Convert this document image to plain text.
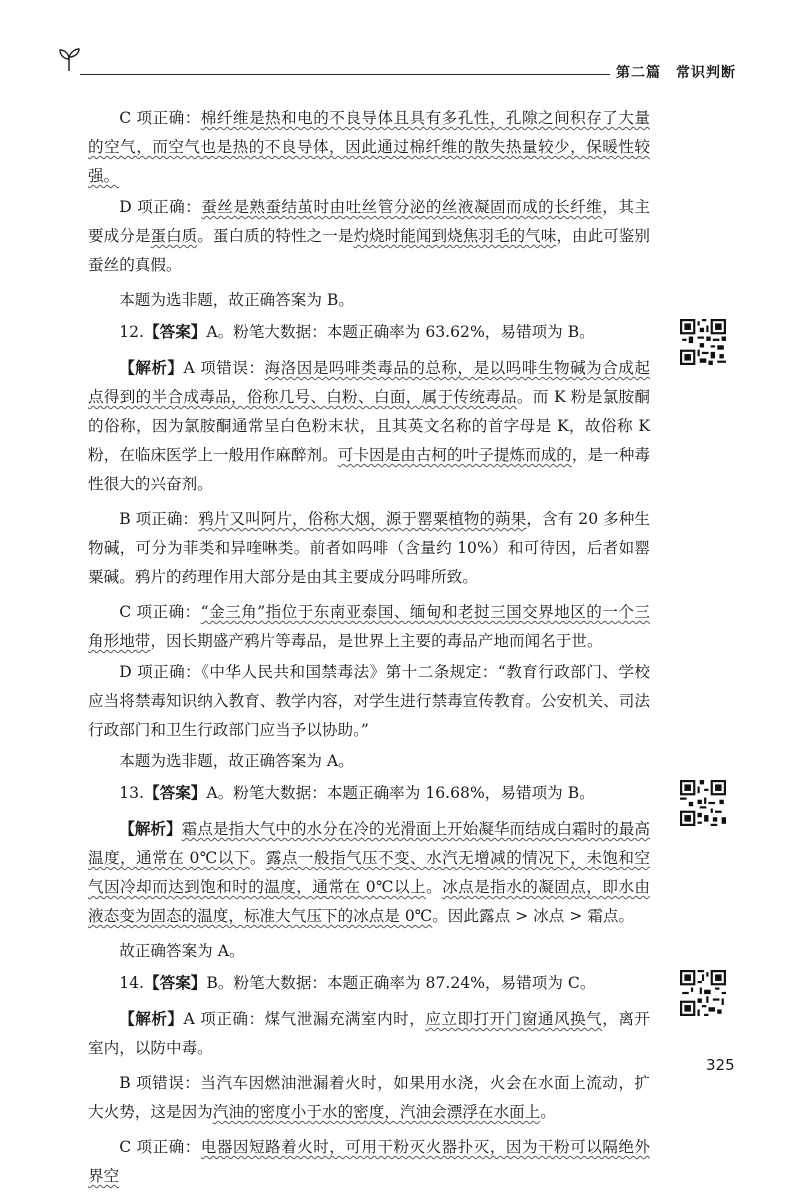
第二篇　常识判断

C 项正确：棉纤维是热和电的不良导体且具有多孔性，孔隙之间积存了大量的空气，而空气也是热的不良导体，因此通过棉纤维的散失热量较少，保暖性较强。

D 项正确：蚕丝是熟蚕结茧时由吐丝管分泌的丝液凝固而成的长纤维，其主要成分是蛋白质。蛋白质的特性之一是灼烧时能闻到烧焦羽毛的气味，由此可鉴别蚕丝的真假。

本题为选非题，故正确答案为 B。

12.【答案】A。粉笔大数据：本题正确率为 63.62%，易错项为 B。

【解析】A 项错误：海洛因是吗啡类毒品的总称，是以吗啡生物碱为合成起点得到的半合成毒品，俗称几号、白粉、白面，属于传统毒品。而 K 粉是氯胺酮的俗称，因为氯胺酮通常呈白色粉末状，且其英文名称的首字母是 K，故俗称 K 粉，在临床医学上一般用作麻醉剂。可卡因是由古柯的叶子提炼而成的，是一种毒性很大的兴奋剂。

B 项正确：鸦片又叫阿片，俗称大烟，源于罂粟植物的蒴果，含有 20 多种生物碱，可分为菲类和异喹啉类。前者如吗啡（含量约 10%）和可待因，后者如罂粟碱。鸦片的药理作用大部分是由其主要成分吗啡所致。

C 项正确：“金三角”指位于东南亚泰国、缅甸和老挝三国交界地区的一个三角形地带，因长期盛产鸦片等毒品，是世界上主要的毒品产地而闻名于世。

D 项正确：《中华人民共和国禁毒法》第十二条规定：“教育行政部门、学校应当将禁毒知识纳入教育、教学内容，对学生进行禁毒宣传教育。公安机关、司法行政部门和卫生行政部门应当予以协助。”

本题为选非题，故正确答案为 A。

13.【答案】A。粉笔大数据：本题正确率为 16.68%，易错项为 B。

【解析】霜点是指大气中的水分在冷的光滑面上开始凝华而结成白霜时的最高温度，通常在 0℃以下。露点一般指气压不变、水汽无增减的情况下，未饱和空气因冷却而达到饱和时的温度，通常在 0℃以上。冰点是指水的凝固点，即水由液态变为固态的温度，标准大气压下的冰点是 0℃。因此露点 > 冰点 > 霜点。

故正确答案为 A。

14.【答案】B。粉笔大数据：本题正确率为 87.24%，易错项为 C。

【解析】A 项正确：煤气泄漏充满室内时，应立即打开门窗通风换气，离开室内，以防中毒。

B 项错误：当汽车因燃油泄漏着火时，如果用水浇，火会在水面上流动，扩大火势，这是因为汽油的密度小于水的密度，汽油会漂浮在水面上。

C 项正确：电器因短路着火时，可用干粉灭火器扑灭，因为干粉可以隔绝外界空

325
